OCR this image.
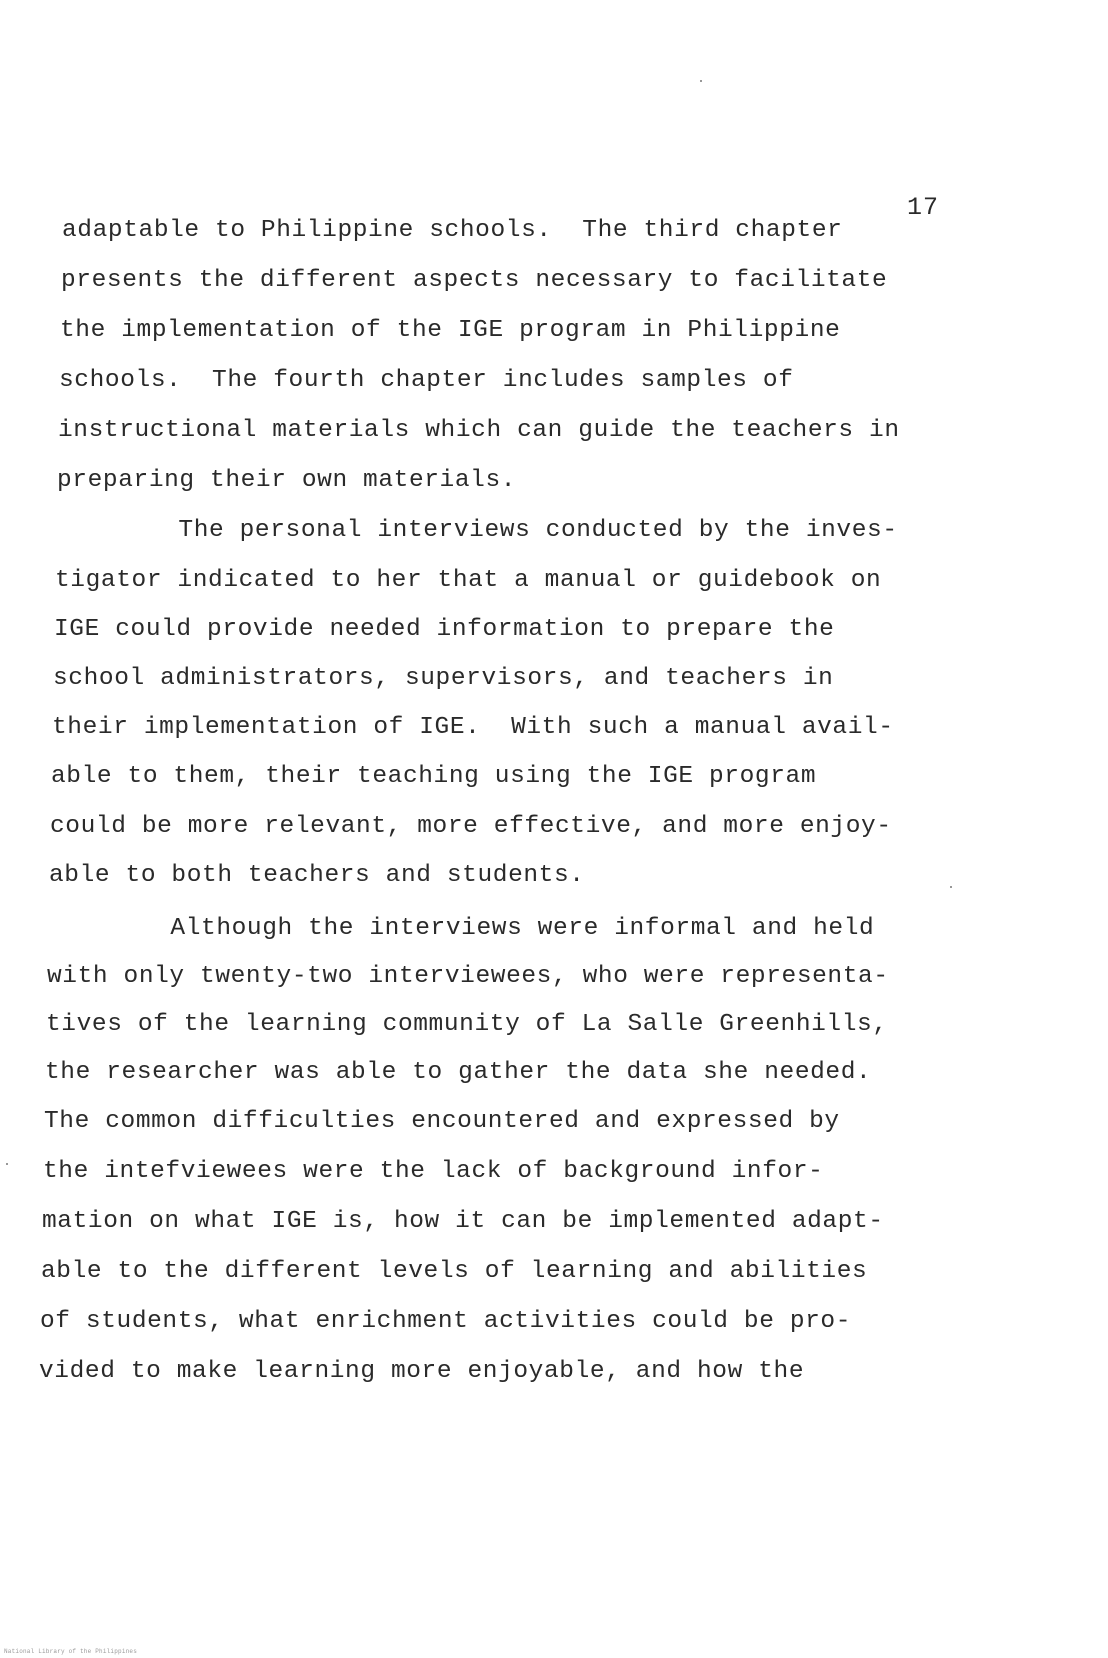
17
adaptable to Philippine schools.  The third chapter
presents the different aspects necessary to facilitate
the implementation of the IGE program in Philippine
schools.  The fourth chapter includes samples of
instructional materials which can guide the teachers in
preparing their own materials.
The personal interviews conducted by the inves-
tigator indicated to her that a manual or guidebook on
IGE could provide needed information to prepare the
school administrators, supervisors, and teachers in
their implementation of IGE.  With such a manual avail-
able to them, their teaching using the IGE program
could be more relevant, more effective, and more enjoy-
able to both teachers and students.
Although the interviews were informal and held
with only twenty-two interviewees, who were representa-
tives of the learning community of La Salle Greenhills,
the researcher was able to gather the data she needed.
The common difficulties encountered and expressed by
the intefviewees were the lack of background infor-
mation on what IGE is, how it can be implemented adapt-
able to the different levels of learning and abilities
of students, what enrichment activities could be pro-
vided to make learning more enjoyable, and how the
National Library of the Philippines
